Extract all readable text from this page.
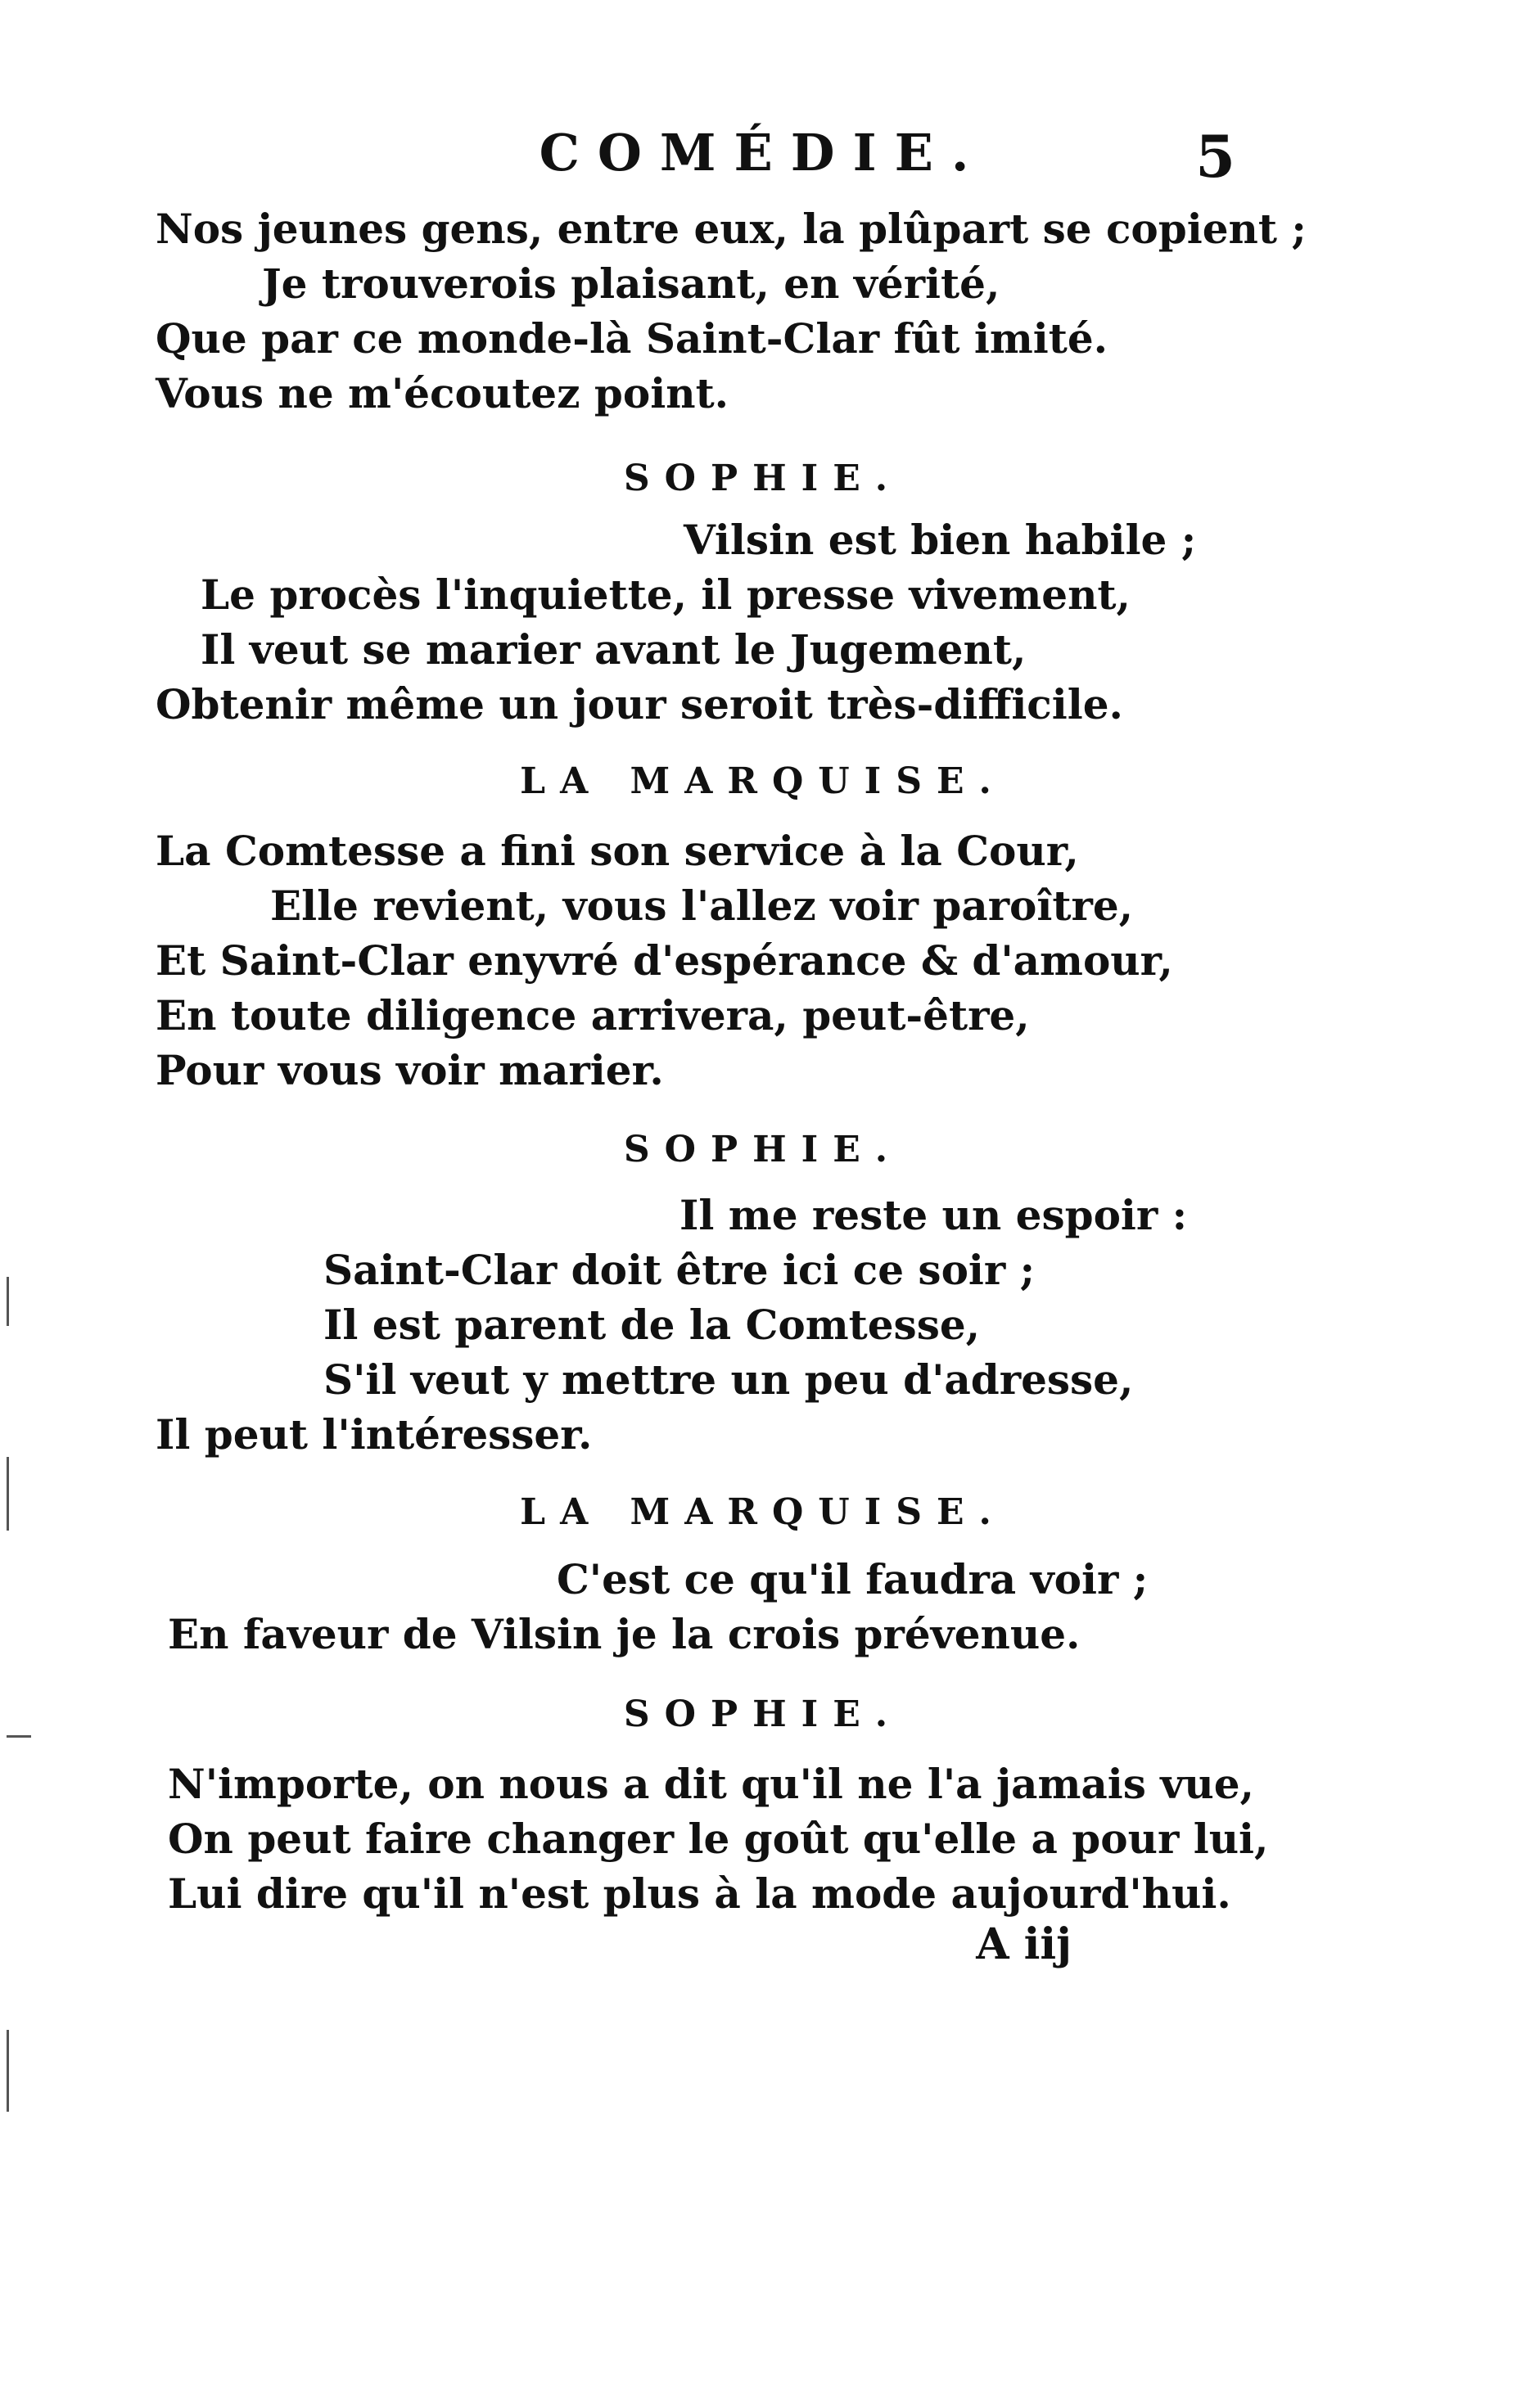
COMÉDIE.	5
Nos jeunes gens, entre eux, la plûpart se copient ;
Je trouverois plaisant, en vérité,
Que par ce monde-là Saint-Clar fût imité.
Vous ne m'écoutez point.
SOPHIE.
Vilsin est bien habile ;
Le procès l'inquiette, il presse vivement,
Il veut se marier avant le Jugement,
Obtenir même un jour seroit très-difficile.
LA MARQUISE.
La Comtesse a fini son service à la Cour,
Elle revient, vous l'allez voir paroître,
Et Saint-Clar enyvré d'espérance & d'amour,
En toute diligence arrivera, peut-être,
Pour vous voir marier.
SOPHIE.
Il me reste un espoir :
Saint-Clar doit être ici ce soir ;
Il est parent de la Comtesse,
S'il veut y mettre un peu d'adresse,
Il peut l'intéresser.
LA MARQUISE.
C'est ce qu'il faudra voir ;
En faveur de Vilsin je la crois prévenue.
SOPHIE.
N'importe, on nous a dit qu'il ne l'a jamais vue,
On peut faire changer le goût qu'elle a pour lui,
Lui dire qu'il n'est plus à la mode aujourd'hui.
A iij
